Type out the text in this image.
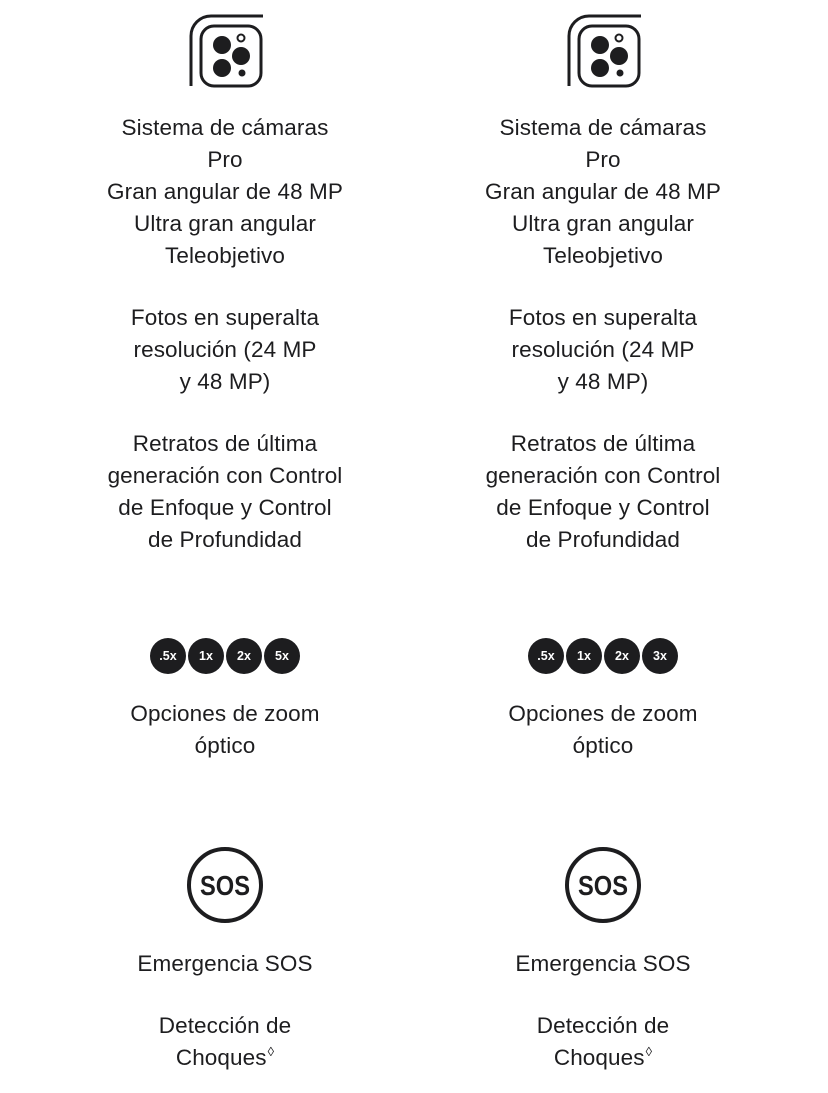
Sistema de cámaras
Pro
Gran angular de 48 MP
Ultra gran angular
Teleobjetivo
Fotos en superalta
resolución (24 MP
y 48 MP)
Retratos de última
generación con Control
de Enfoque y Control
de Profundidad
.5x	1x	2x	5x
Opciones de zoom
óptico
SOS
Emergencia SOS
Detección de
Choques◊
Sistema de cámaras
Pro
Gran angular de 48 MP
Ultra gran angular
Teleobjetivo
Fotos en superalta
resolución (24 MP
y 48 MP)
Retratos de última
generación con Control
de Enfoque y Control
de Profundidad
.5x	1x	2x	3x
Opciones de zoom
óptico
SOS
Emergencia SOS
Detección de
Choques◊
